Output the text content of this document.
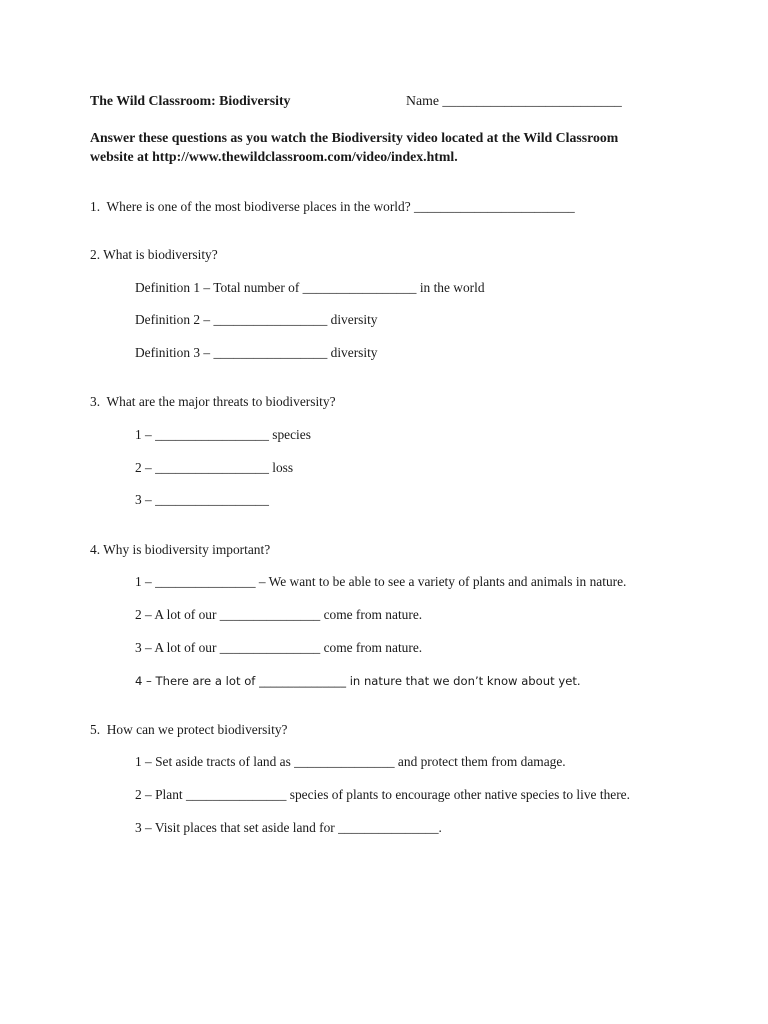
The Wild Classroom: Biodiversity	Name __________________________
Answer these questions as you watch the Biodiversity video located at the Wild Classroom
website at http://www.thewildclassroom.com/video/index.html.
1.  Where is one of the most biodiverse places in the world? ________________________
2. What is biodiversity?
Definition 1 – Total number of _________________ in the world
Definition 2 – _________________ diversity
Definition 3 – _________________ diversity
3.  What are the major threats to biodiversity?
1 – _________________ species
2 – _________________ loss
3 – _________________
4. Why is biodiversity important?
1 – _______________ – We want to be able to see a variety of plants and animals in nature.
2 – A lot of our _______________ come from nature.
3 – A lot of our _______________ come from nature.
4 – There are a lot of _______________ in nature that we don’t know about yet.
5.  How can we protect biodiversity?
1 – Set aside tracts of land as _______________ and protect them from damage.
2 – Plant _______________ species of plants to encourage other native species to live there.
3 – Visit places that set aside land for _______________.
